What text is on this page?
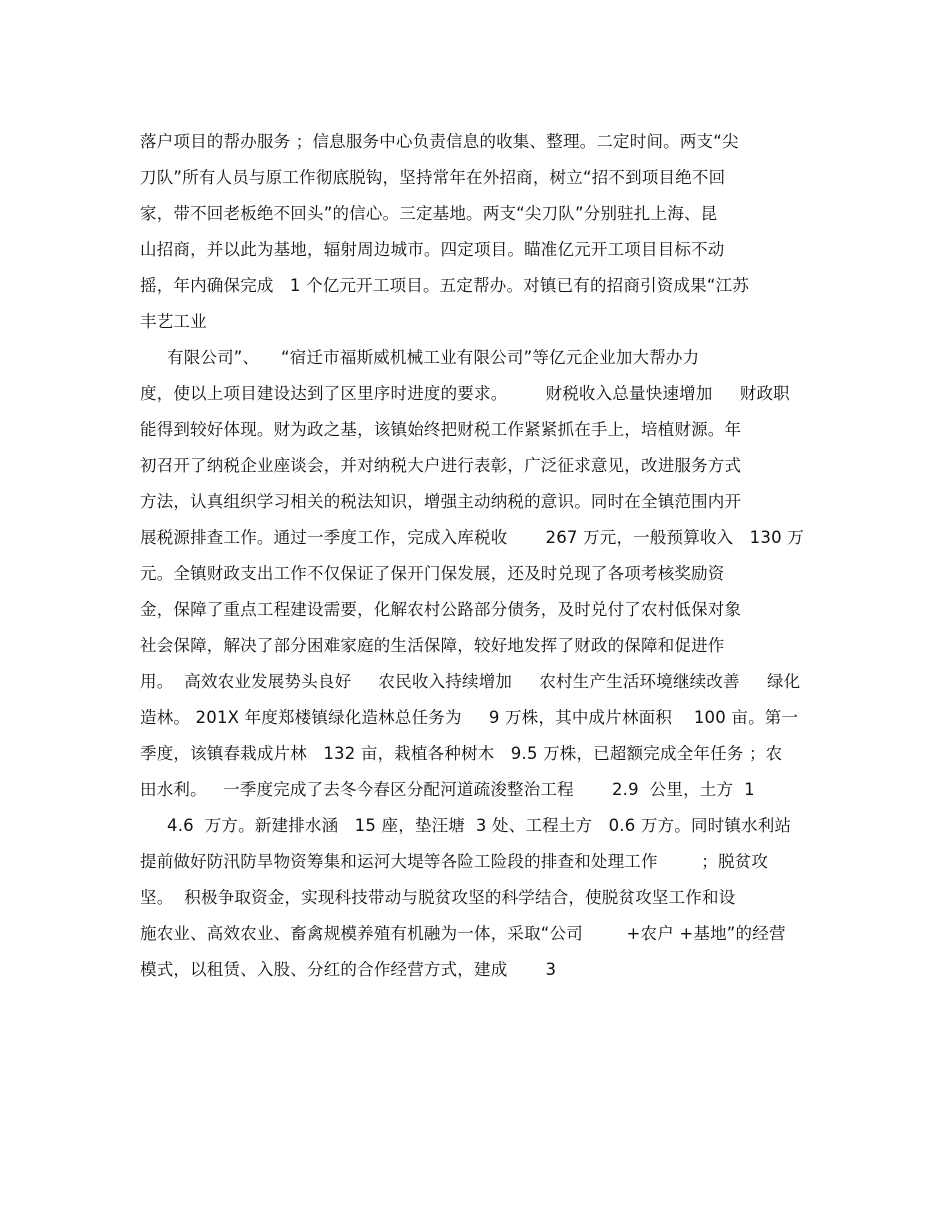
落户项目的帮办服务 ；信息服务中心负责信息的收集、整理。二定时间。两支“尖
刀队”所有人员与原工作彻底脱钩，坚持常年在外招商，树立“招不到项目绝不回
家，带不回老板绝不回头”的信心。三定基地。两支“尖刀队”分别驻扎上海、昆
山招商，并以此为基地，辐射周边城市。四定项目。瞄准亿元开工项目目标不动
摇，年内确保完成   1 个亿元开工项目。五定帮办。对镇已有的招商引资成果“江苏
丰艺工业
有限公司”、    “宿迁市福斯威机械工业有限公司”等亿元企业加大帮办力
度，使以上项目建设达到了区里序时进度的要求。       财税收入总量快速增加     财政职
能得到较好体现。财为政之基，该镇始终把财税工作紧紧抓在手上，培植财源。年
初召开了纳税企业座谈会，并对纳税大户进行表彰，广泛征求意见，改进服务方式
方法，认真组织学习相关的税法知识，增强主动纳税的意识。同时在全镇范围内开
展税源排查工作。通过一季度工作，完成入库税收       267 万元，一般预算收入   130 万
元。全镇财政支出工作不仅保证了保开门保发展，还及时兑现了各项考核奖励资
金，保障了重点工程建设需要，化解农村公路部分债务，及时兑付了农村低保对象
社会保障，解决了部分困难家庭的生活保障，较好地发挥了财政的保障和促进作
用。  高效农业发展势头良好     农民收入持续增加     农村生产生活环境继续改善     绿化
造林。 201X 年度郑楼镇绿化造林总任务为     9 万株，其中成片林面积    100 亩。第一
季度，该镇春栽成片林   132 亩，栽植各种树木   9.5 万株，已超额完成全年任务 ；农
田水利。   一季度完成了去冬今春区分配河道疏浚整治工程       2.9  公里，土方  1
4.6  万方。新建排水涵   15 座，垫汪塘  3 处、工程土方   0.6 万方。同时镇水利站
提前做好防汛防旱物资筹集和运河大堤等各险工险段的排查和处理工作        ；脱贫攻
坚。  积极争取资金，实现科技带动与脱贫攻坚的科学结合，使脱贫攻坚工作和设
施农业、高效农业、畜禽规模养殖有机融为一体，采取“公司        +农户 +基地”的经营
模式，以租赁、入股、分红的合作经营方式，建成       3
